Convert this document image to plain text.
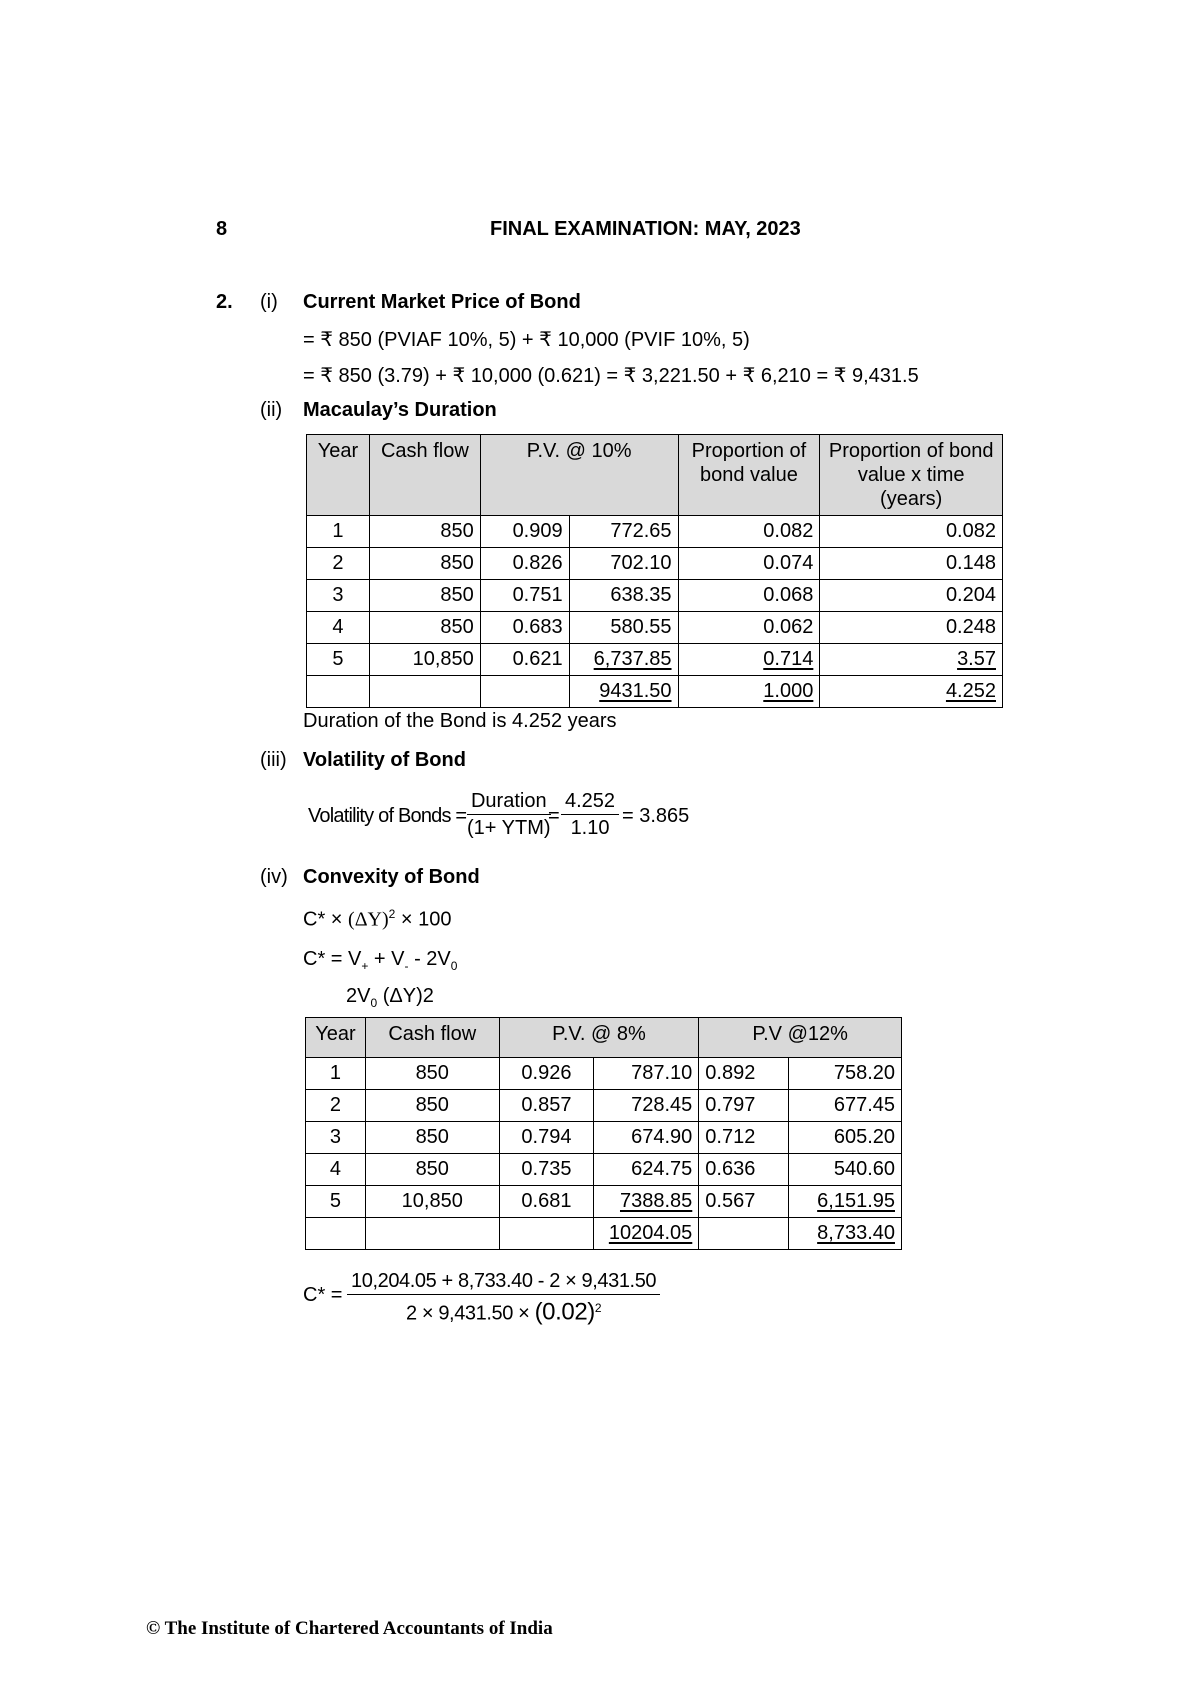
8	FINAL EXAMINATION: MAY, 2023
2. (i) Current Market Price of Bond
= ₹ 850 (PVIAF 10%, 5) + ₹ 10,000 (PVIF 10%, 5)
= ₹ 850 (3.79) + ₹ 10,000 (0.621) = ₹ 3,221.50 + ₹ 6,210 = ₹ 9,431.5
(ii) Macaulay’s Duration
Year	Cash flow	P.V. @ 10%		Proportion of bond value	Proportion of bond value x time (years)
1	850	0.909	772.65	0.082	0.082
2	850	0.826	702.10	0.074	0.148
3	850	0.751	638.35	0.068	0.204
4	850	0.683	580.55	0.062	0.248
5	10,850	0.621	6,737.85	0.714	3.57
			9431.50	1.000	4.252
Duration of the Bond is 4.252 years
(iii) Volatility of Bond
Volatility of Bonds =
Duration
(1+ YTM)
= $\frac{4.252}{1.10} = 3.865$
(iv) Convexity of Bond
$C* \times (\Delta Y)^2 \times 100$
$C* = V_+ + V_- - 2V_0$
$2V_0$ (ΔY)2
Year	Cash flow	P.V. @ 8%		P.V @12%	
1	850	0.926	787.10	0.892	758.20
2	850	0.857	728.45	0.797	677.45
3	850	0.794	674.90	0.712	605.20
4	850	0.735	624.75	0.636	540.60
5	10,850	0.681	7388.85	0.567	6,151.95
			10204.05		8,733.40
$C* = \frac{10,204.05 + 8,733.40 - 2 \times 9,431.50}{2 \times 9,431.50 \times (0.02)^2}$
© The Institute of Chartered Accountants of India
